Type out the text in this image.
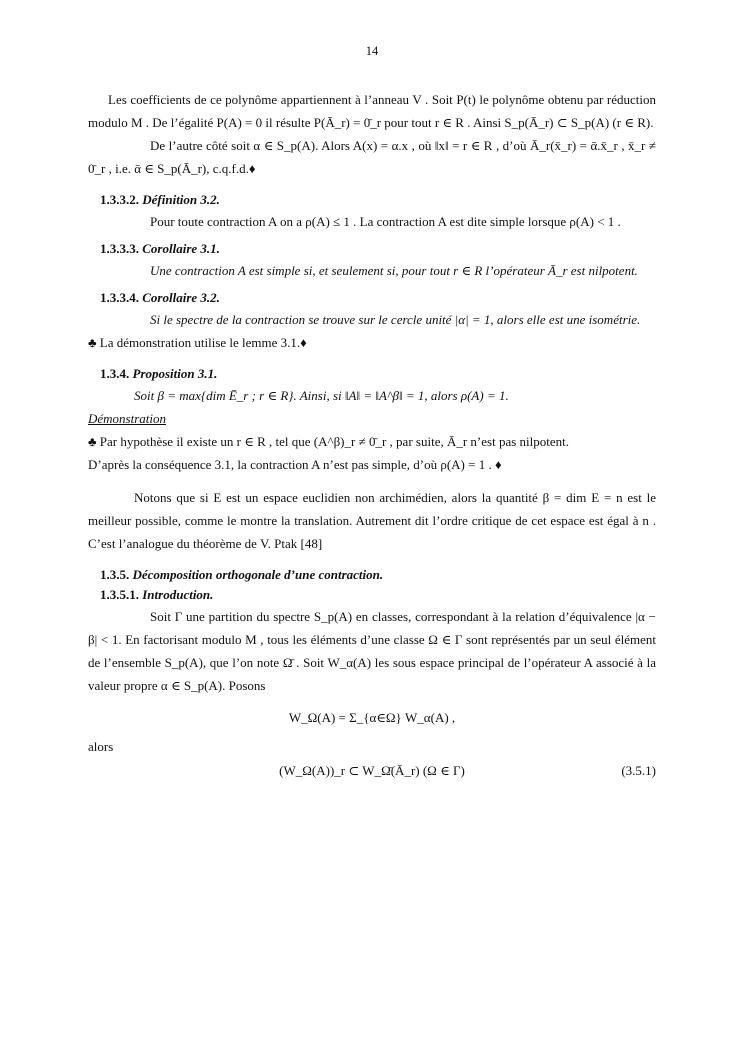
14

Les coefficients de ce polynôme appartiennent à l’anneau V . Soit P(t) le polynôme obtenu par réduction modulo M . De l’égalité P(A) = 0 il résulte P(Ā_r) = 0̄_r pour tout r ∈ R . Ainsi S_p(Ā_r) ⊂ S_p(A) (r ∈ R).

De l’autre côté soit α ∈ S_p(A). Alors A(x) = α.x , où ‖x‖ = r ∈ R , d’où Ā_r(x̄_r) = ᾱ.x̄_r , x̄_r ≠ 0̄_r , i.e. ᾱ ∈ S_p(Ā_r), c.q.f.d.♦

1.3.3.2. Définition 3.2.

Pour toute contraction A on a ρ(A) ≤ 1 . La contraction A est dite simple lorsque ρ(A) < 1 .

1.3.3.3. Corollaire 3.1.

Une contraction A est simple si, et seulement si, pour tout r ∈ R l’opérateur Ā_r est nilpotent.

1.3.3.4. Corollaire 3.2.

Si le spectre de la contraction se trouve sur le cercle unité |α| = 1, alors elle est une isométrie.

♣ La démonstration utilise le lemme 3.1.♦

1.3.4. Proposition 3.1.

Soit β = max{dim Ē_r ; r ∈ R}. Ainsi, si ‖A‖ = ‖A^β‖ = 1, alors ρ(A) = 1.

Démonstration

♣ Par hypothèse il existe un r ∈ R , tel que (A^β)_r ≠ 0̄_r , par suite, Ā_r n’est pas nilpotent.

D’après la conséquence 3.1, la contraction A n’est pas simple, d’où ρ(A) = 1 . ♦

Notons que si E est un espace euclidien non archimédien, alors la quantité β = dim E = n est le meilleur possible, comme le montre la translation. Autrement dit l’ordre critique de cet espace est égal à n . C’est l’analogue du théorème de V. Ptak [48]

1.3.5. Décomposition orthogonale d’une contraction.
1.3.5.1. Introduction.

Soit Γ une partition du spectre S_p(A) en classes, correspondant à la relation d’équivalence |α − β| < 1. En factorisant modulo M , tous les éléments d’une classe Ω ∈ Γ sont représentés par un seul élément de l’ensemble S_p(A), que l’on note Ω̄ . Soit W_α(A) les sous espace principal de l’opérateur A associé à la valeur propre α ∈ S_p(A). Posons

W_Ω(A) = Σ_{α∈Ω} W_α(A) ,

alors

(W_Ω(A))_r ⊂ W_Ω̄(Ā_r) (Ω ∈ Γ)	(3.5.1)
